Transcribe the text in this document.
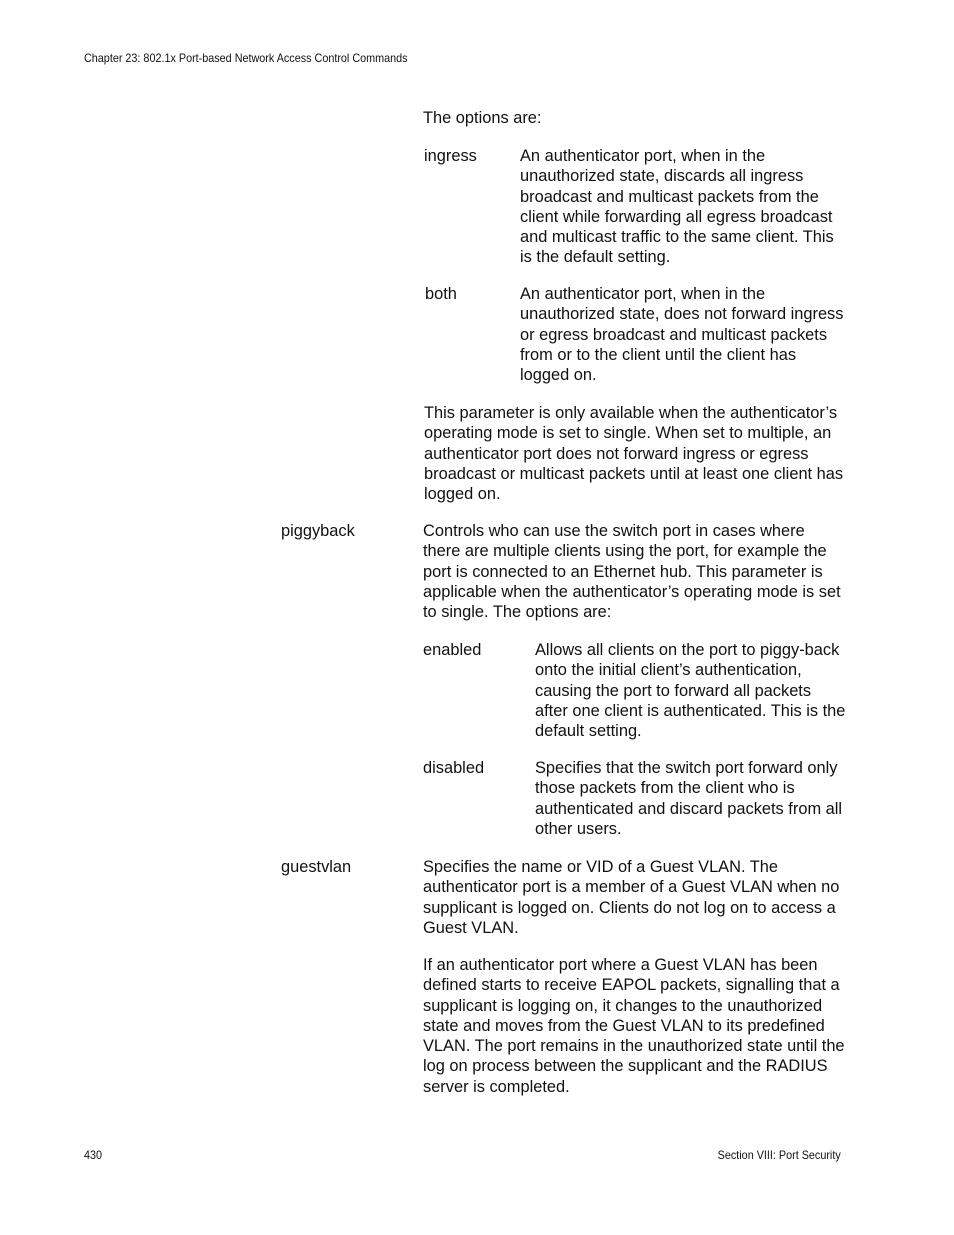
Chapter 23: 802.1x Port-based Network Access Control Commands
The options are:
ingress	An authenticator port, when in the unauthorized state, discards all ingress broadcast and multicast packets from the client while forwarding all egress broadcast and multicast traffic to the same client. This is the default setting.
both	An authenticator port, when in the unauthorized state, does not forward ingress or egress broadcast and multicast packets from or to the client until the client has logged on.
This parameter is only available when the authenticator’s operating mode is set to single. When set to multiple, an authenticator port does not forward ingress or egress broadcast or multicast packets until at least one client has logged on.
piggyback	Controls who can use the switch port in cases where there are multiple clients using the port, for example the port is connected to an Ethernet hub. This parameter is applicable when the authenticator’s operating mode is set to single. The options are:
enabled	Allows all clients on the port to piggy-back onto the initial client’s authentication, causing the port to forward all packets after one client is authenticated. This is the default setting.
disabled	Specifies that the switch port forward only those packets from the client who is authenticated and discard packets from all other users.
guestvlan	Specifies the name or VID of a Guest VLAN. The authenticator port is a member of a Guest VLAN when no supplicant is logged on. Clients do not log on to access a Guest VLAN.
If an authenticator port where a Guest VLAN has been defined starts to receive EAPOL packets, signalling that a supplicant is logging on, it changes to the unauthorized state and moves from the Guest VLAN to its predefined VLAN. The port remains in the unauthorized state until the log on process between the supplicant and the RADIUS server is completed.
430	Section VIII: Port Security
